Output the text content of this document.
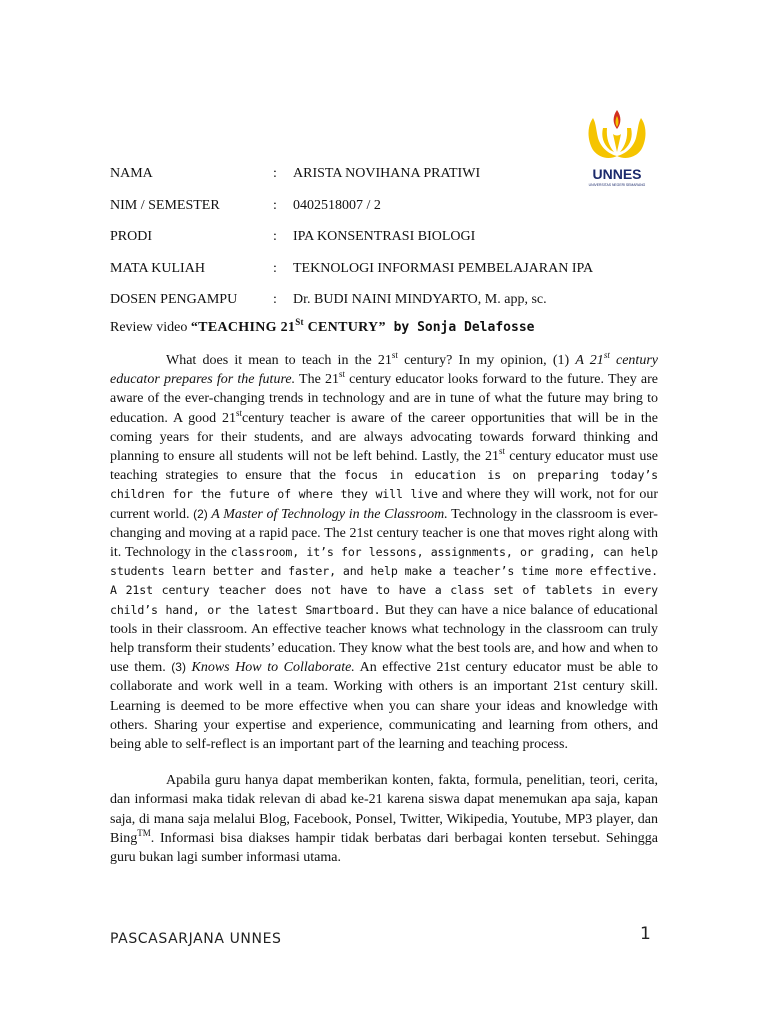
UNNES
UNIVERSITAS NEGERI SEMARANG
NAMA	: ARISTA NOVIHANA PRATIWI
NIM / SEMESTER	: 0402518007 / 2
PRODI	: IPA KONSENTRASI BIOLOGI
MATA KULIAH	: TEKNOLOGI INFORMASI PEMBELAJARAN IPA
DOSEN PENGAMPU	: Dr. BUDI NAINI MINDYARTO, M. app, sc.
Review video “TEACHING 21St CENTURY” by Sonja Delafosse

What does it mean to teach in the 21st century? In my opinion, (1) A 21st century educator prepares for the future. The 21st century educator looks forward to the future. They are aware of the ever-changing trends in technology and are in tune of what the future may bring to education. A good 21stcentury teacher is aware of the career opportunities that will be in the coming years for their students, and are always advocating towards forward thinking and planning to ensure all students will not be left behind. Lastly, the 21st century educator must use teaching strategies to ensure that the focus in education is on preparing today’s children for the future of where they will live and where they will work, not for our current world. (2) A Master of Technology in the Classroom. Technology in the classroom is ever-changing and moving at a rapid pace. The 21st century teacher is one that moves right along with it. Technology in the classroom, it’s for lessons, assignments, or grading, can help students learn better and faster, and help make a teacher’s time more effective. A 21st century teacher does not have to have a class set of tablets in every child’s hand, or the latest Smartboard. But they can have a nice balance of educational tools in their classroom. An effective teacher knows what technology in the classroom can truly help transform their students’ education. They know what the best tools are, and how and when to use them. (3) Knows How to Collaborate. An effective 21st century educator must be able to collaborate and work well in a team. Working with others is an important 21st century skill. Learning is deemed to be more effective when you can share your ideas and knowledge with others. Sharing your expertise and experience, communicating and learning from others, and being able to self-reflect is an important part of the learning and teaching process.

Apabila guru hanya dapat memberikan konten, fakta, formula, penelitian, teori, cerita, dan informasi maka tidak relevan di abad ke-21 karena siswa dapat menemukan apa saja, kapan saja, di mana saja melalui Blog, Facebook, Ponsel, Twitter, Wikipedia, Youtube, MP3 player, dan Bing™. Informasi bisa diakses hampir tidak berbatas dari berbagai konten tersebut. Sehingga guru bukan lagi sumber informasi utama.

PASCASARJANA UNNES	1
